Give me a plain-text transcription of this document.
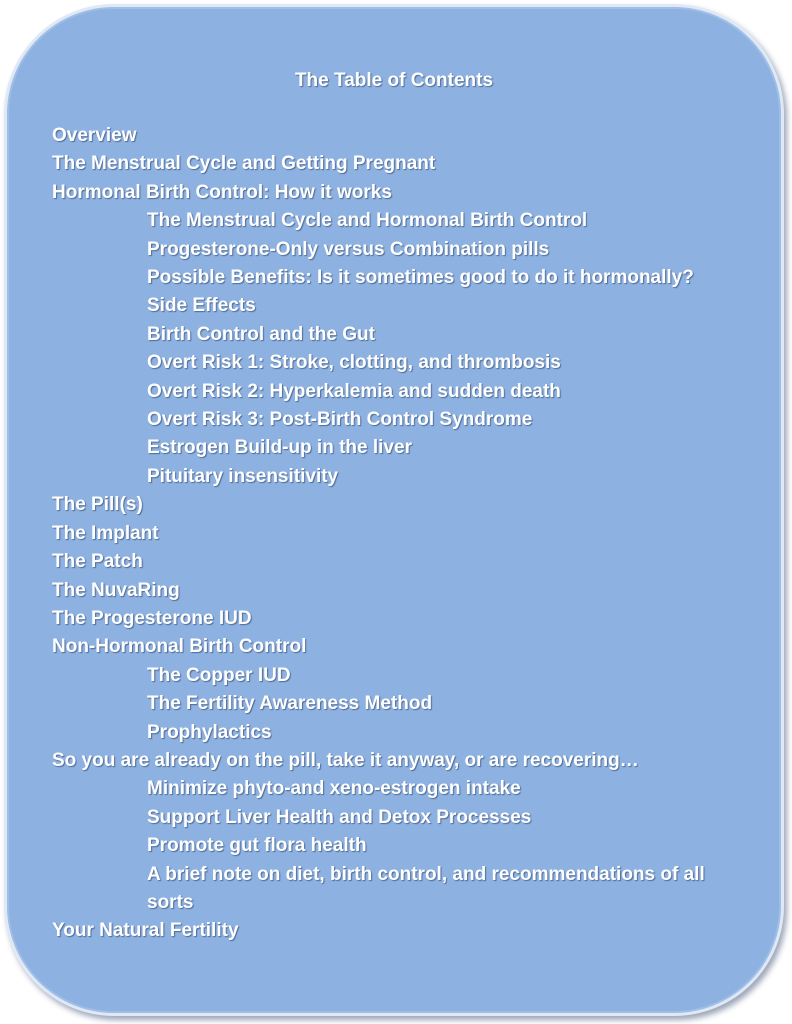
The Table of Contents
Overview
The Menstrual Cycle and Getting Pregnant
Hormonal Birth Control: How it works
The Menstrual Cycle and Hormonal Birth Control
Progesterone-Only versus Combination pills
Possible Benefits: Is it sometimes good to do it hormonally?
Side Effects
Birth Control and the Gut
Overt Risk 1: Stroke, clotting, and thrombosis
Overt Risk 2: Hyperkalemia and sudden death
Overt Risk 3: Post-Birth Control Syndrome
Estrogen Build-up in the liver
Pituitary insensitivity
The Pill(s)
The Implant
The Patch
The NuvaRing
The Progesterone IUD
Non-Hormonal Birth Control
The Copper IUD
The Fertility Awareness Method
Prophylactics
So you are already on the pill, take it anyway, or are recovering…
Minimize phyto-and xeno-estrogen intake
Support Liver Health and Detox Processes
Promote gut flora health
A brief note on diet, birth control, and recommendations of all sorts
Your Natural Fertility
